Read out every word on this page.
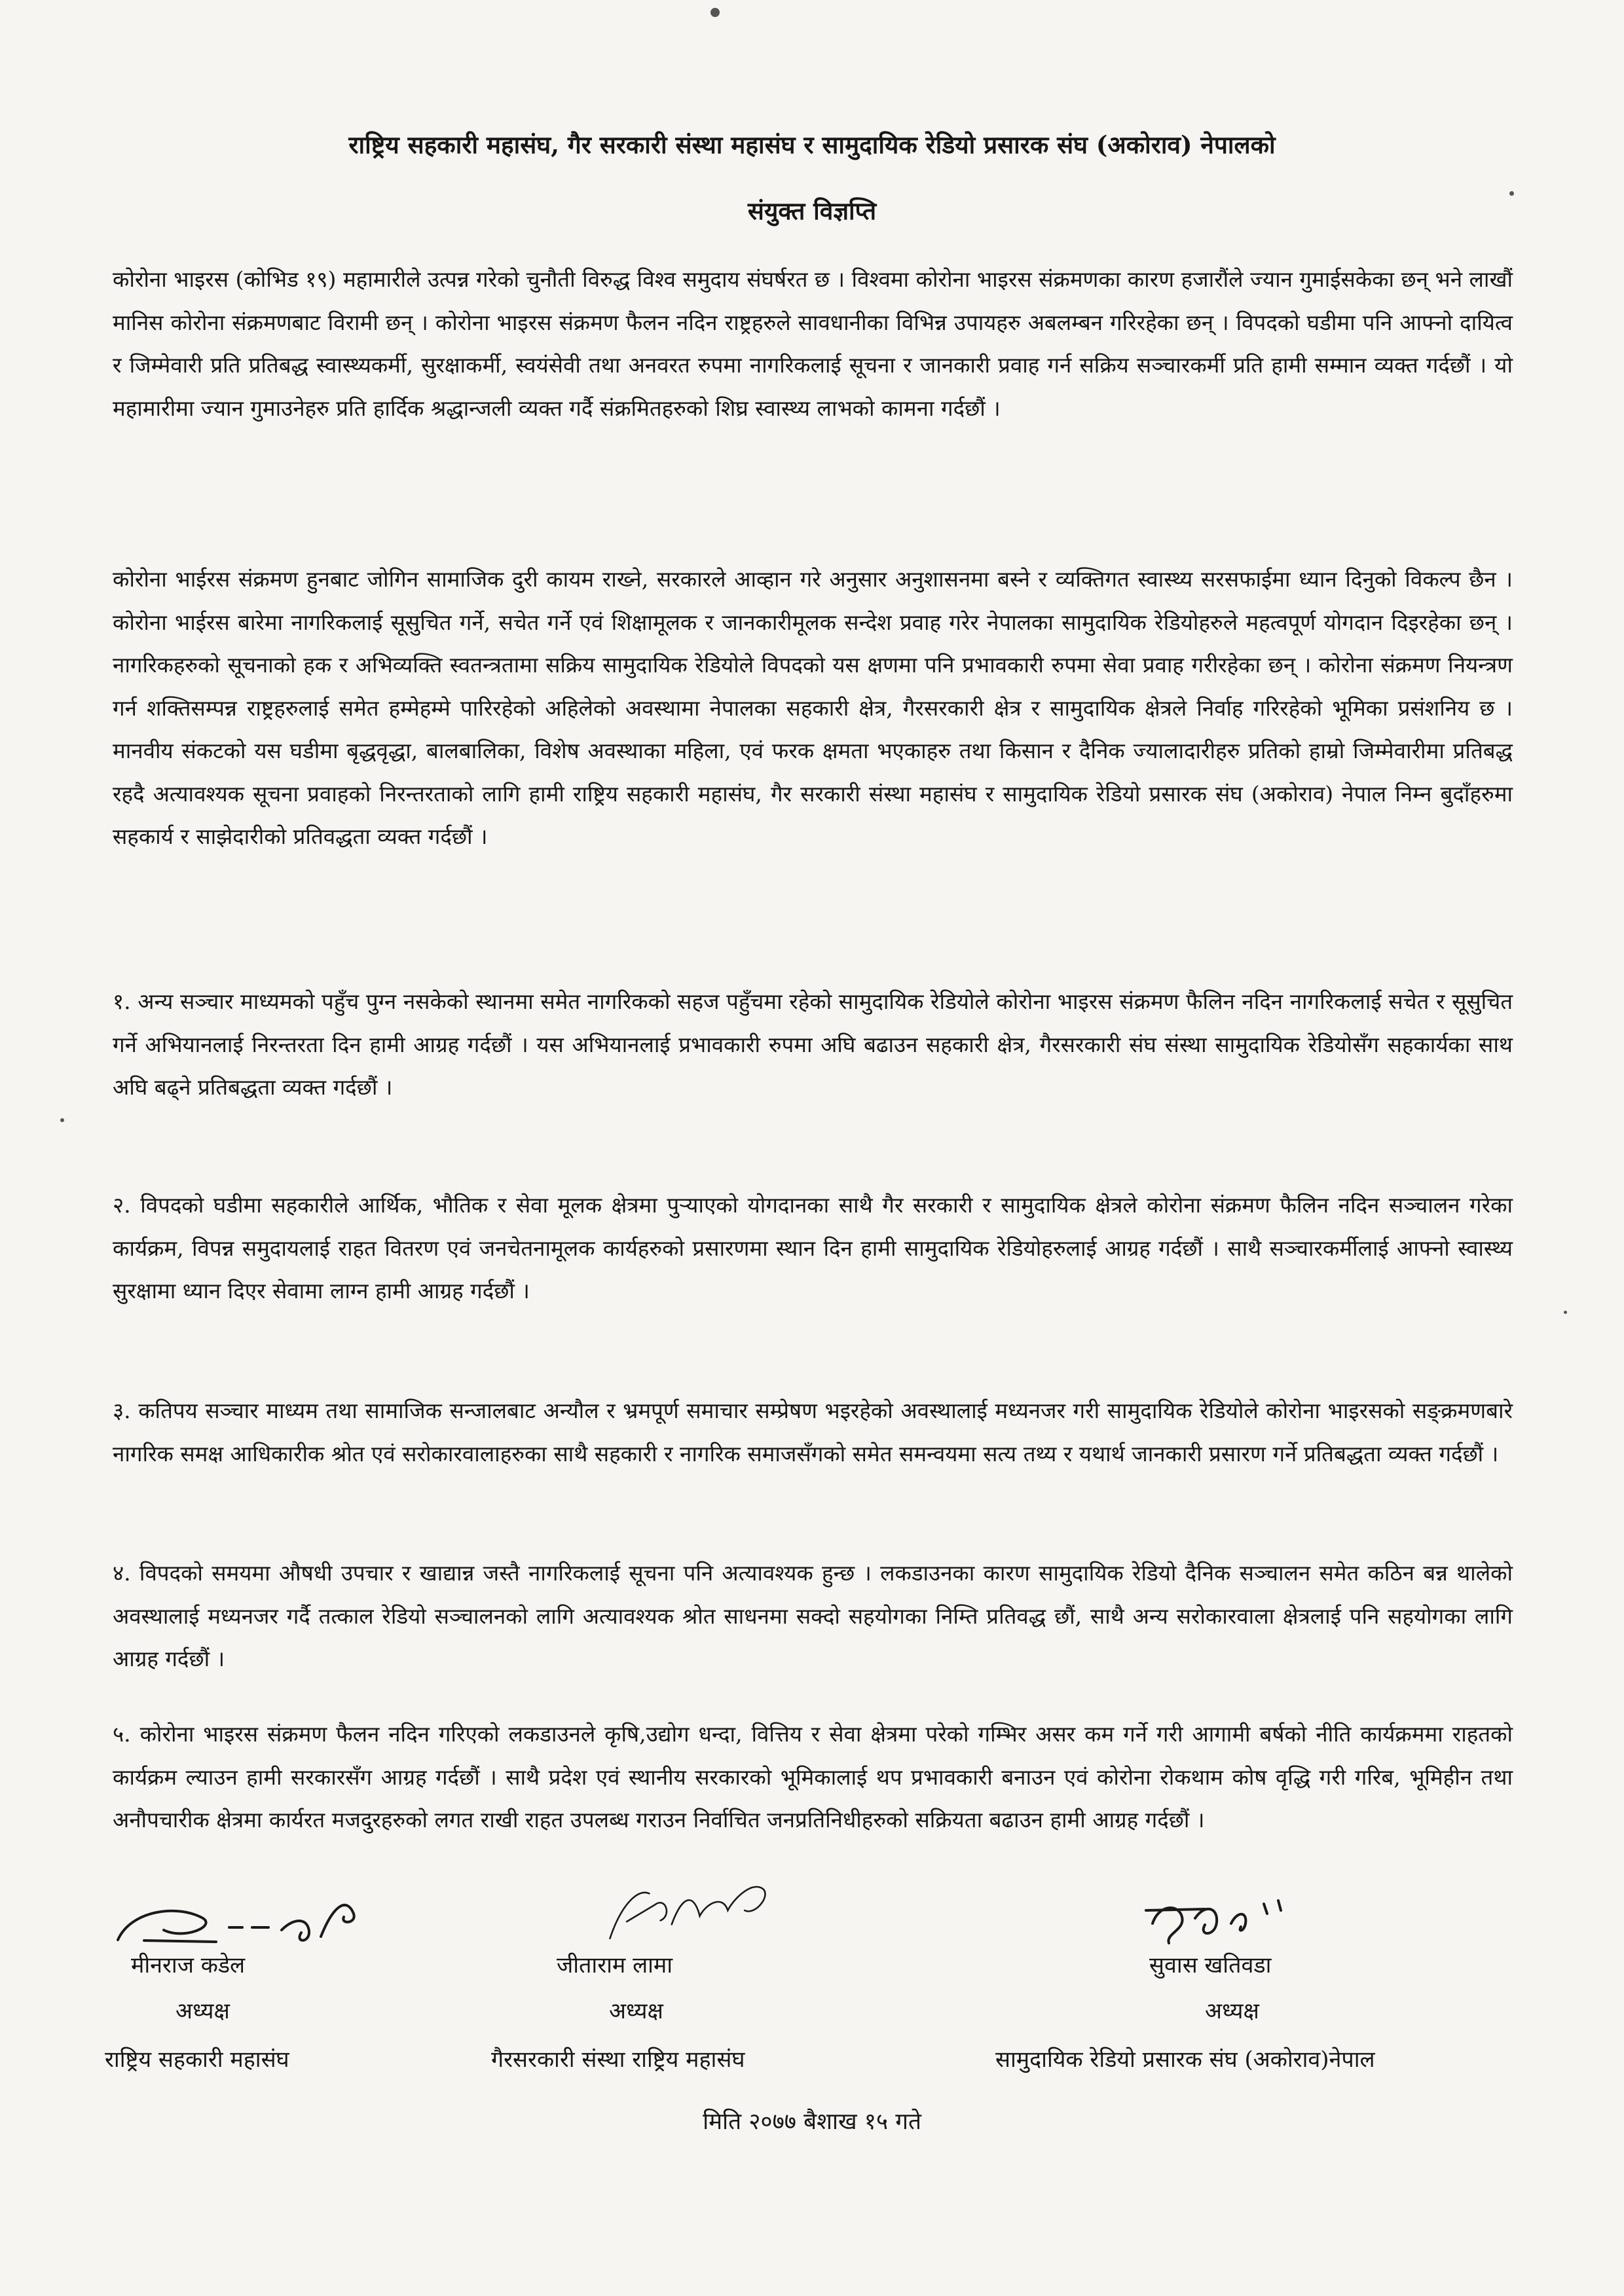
राष्ट्रिय सहकारी महासंघ, गैर सरकारी संस्था महासंघ र सामुदायिक रेडियो प्रसारक संघ (अकोराव) नेपालको
संयुक्त विज्ञप्ति

कोरोना भाइरस (कोभिड १९) महामारीले उत्पन्न गरेको चुनौती विरुद्ध विश्व समुदाय संघर्षरत छ । विश्वमा कोरोना भाइरस संक्रमणका कारण हजारौंले ज्यान गुमाईसकेका छन् भने लाखौं मानिस कोरोना संक्रमणबाट विरामी छन् । कोरोना भाइरस संक्रमण फैलन नदिन राष्ट्रहरुले सावधानीका विभिन्न उपायहरु अबलम्बन गरिरहेका छन् । विपदको घडीमा पनि आफ्नो दायित्व र जिम्मेवारी प्रति प्रतिबद्ध स्वास्थ्यकर्मी, सुरक्षाकर्मी, स्वयंसेवी तथा अनवरत रुपमा नागरिकलाई सूचना र जानकारी प्रवाह गर्न सक्रिय सञ्चारकर्मी प्रति हामी सम्मान व्यक्त गर्दछौं । यो महामारीमा ज्यान गुमाउनेहरु प्रति हार्दिक श्रद्धान्जली व्यक्त गर्दै संक्रमितहरुको शिघ्र स्वास्थ्य लाभको कामना गर्दछौं ।

कोरोना भाईरस संक्रमण हुनबाट जोगिन सामाजिक दुरी कायम राख्ने, सरकारले आव्हान गरे अनुसार अनुशासनमा बस्ने र व्यक्तिगत स्वास्थ्य सरसफाईमा ध्यान दिनुको विकल्प छैन । कोरोना भाईरस बारेमा नागरिकलाई सूसुचित गर्ने, सचेत गर्ने एवं शिक्षामूलक र जानकारीमूलक सन्देश प्रवाह गरेर नेपालका सामुदायिक रेडियोहरुले महत्वपूर्ण योगदान दिइरहेका छन् । नागरिकहरुको सूचनाको हक र अभिव्यक्ति स्वतन्त्रतामा सक्रिय सामुदायिक रेडियोले विपदको यस क्षणमा पनि प्रभावकारी रुपमा सेवा प्रवाह गरीरहेका छन् । कोरोना संक्रमण नियन्त्रण गर्न शक्तिसम्पन्न राष्ट्रहरुलाई समेत हम्मेहम्मे पारिरहेको अहिलेको अवस्थामा नेपालका सहकारी क्षेत्र, गैरसरकारी क्षेत्र र सामुदायिक क्षेत्रले निर्वाह गरिरहेको भूमिका प्रसंशनिय छ । मानवीय संकटको यस घडीमा बृद्धवृद्धा, बालबालिका, विशेष अवस्थाका महिला, एवं फरक क्षमता भएकाहरु तथा किसान र दैनिक ज्यालादारीहरु प्रतिको हाम्रो जिम्मेवारीमा प्रतिबद्ध रहदै अत्यावश्यक सूचना प्रवाहको निरन्तरताको लागि हामी राष्ट्रिय सहकारी महासंघ, गैर सरकारी संस्था महासंघ र सामुदायिक रेडियो प्रसारक संघ (अकोराव) नेपाल निम्न बुदाँहरुमा सहकार्य र साझेदारीको प्रतिवद्धता व्यक्त गर्दछौं ।

१. अन्य सञ्चार माध्यमको पहुँच पुग्न नसकेको स्थानमा समेत नागरिकको सहज पहुँचमा रहेको सामुदायिक रेडियोले कोरोना भाइरस संक्रमण फैलिन नदिन नागरिकलाई सचेत र सूसुचित गर्ने अभियानलाई निरन्तरता दिन हामी आग्रह गर्दछौं । यस अभियानलाई प्रभावकारी रुपमा अघि बढाउन सहकारी क्षेत्र, गैरसरकारी संघ संस्था सामुदायिक रेडियोसँग सहकार्यका साथ अघि बढ्ने प्रतिबद्धता व्यक्त गर्दछौं ।

२. विपदको घडीमा सहकारीले आर्थिक, भौतिक र सेवा मूलक क्षेत्रमा पुर्‍याएको योगदानका साथै गैर सरकारी र सामुदायिक क्षेत्रले कोरोना संक्रमण फैलिन नदिन सञ्चालन गरेका कार्यक्रम, विपन्न समुदायलाई राहत वितरण एवं जनचेतनामूलक कार्यहरुको प्रसारणमा स्थान दिन हामी सामुदायिक रेडियोहरुलाई आग्रह गर्दछौं । साथै सञ्चारकर्मीलाई आफ्नो स्वास्थ्य सुरक्षामा ध्यान दिएर सेवामा लाग्न हामी आग्रह गर्दछौं ।

३. कतिपय सञ्चार माध्यम तथा सामाजिक सन्जालबाट अन्यौल र भ्रमपूर्ण समाचार सम्प्रेषण भइरहेको अवस्थालाई मध्यनजर गरी सामुदायिक रेडियोले कोरोना भाइरसको सङ्क्रमणबारे नागरिक समक्ष आधिकारीक श्रोत एवं सरोकारवालाहरुका साथै सहकारी र नागरिक समाजसँगको समेत समन्वयमा सत्य तथ्य र यथार्थ जानकारी प्रसारण गर्ने प्रतिबद्धता व्यक्त गर्दछौं ।

४. विपदको समयमा औषधी उपचार र खाद्यान्न जस्तै नागरिकलाई सूचना पनि अत्यावश्यक हुन्छ । लकडाउनका कारण सामुदायिक रेडियो दैनिक सञ्चालन समेत कठिन बन्न थालेको अवस्थालाई मध्यनजर गर्दै तत्काल रेडियो सञ्चालनको लागि अत्यावश्यक श्रोत साधनमा सक्दो सहयोगका निम्ति प्रतिवद्ध छौं, साथै अन्य सरोकारवाला क्षेत्रलाई पनि सहयोगका लागि आग्रह गर्दछौं ।

५. कोरोना भाइरस संक्रमण फैलन नदिन गरिएको लकडाउनले कृषि,उद्योग धन्दा, वित्तिय र सेवा क्षेत्रमा परेको गम्भिर असर कम गर्ने गरी आगामी बर्षको नीति कार्यक्रममा राहतको कार्यक्रम ल्याउन हामी सरकारसँग आग्रह गर्दछौं । साथै प्रदेश एवं स्थानीय सरकारको भूमिकालाई थप प्रभावकारी बनाउन एवं कोरोना रोकथाम कोष वृद्धि गरी गरिब, भूमिहीन तथा अनौपचारीक क्षेत्रमा कार्यरत मजदुरहरुको लगत राखी राहत उपलब्ध गराउन निर्वाचित जनप्रतिनिधीहरुको सक्रियता बढाउन हामी आग्रह गर्दछौं ।

मीनराज कडेल
अध्यक्ष
राष्ट्रिय सहकारी महासंघ
जीताराम लामा
अध्यक्ष
गैरसरकारी संस्था राष्ट्रिय महासंघ
सुवास खतिवडा
अध्यक्ष
सामुदायिक रेडियो प्रसारक संघ (अकोराव)नेपाल
मिति २०७७ बैशाख १५ गते
